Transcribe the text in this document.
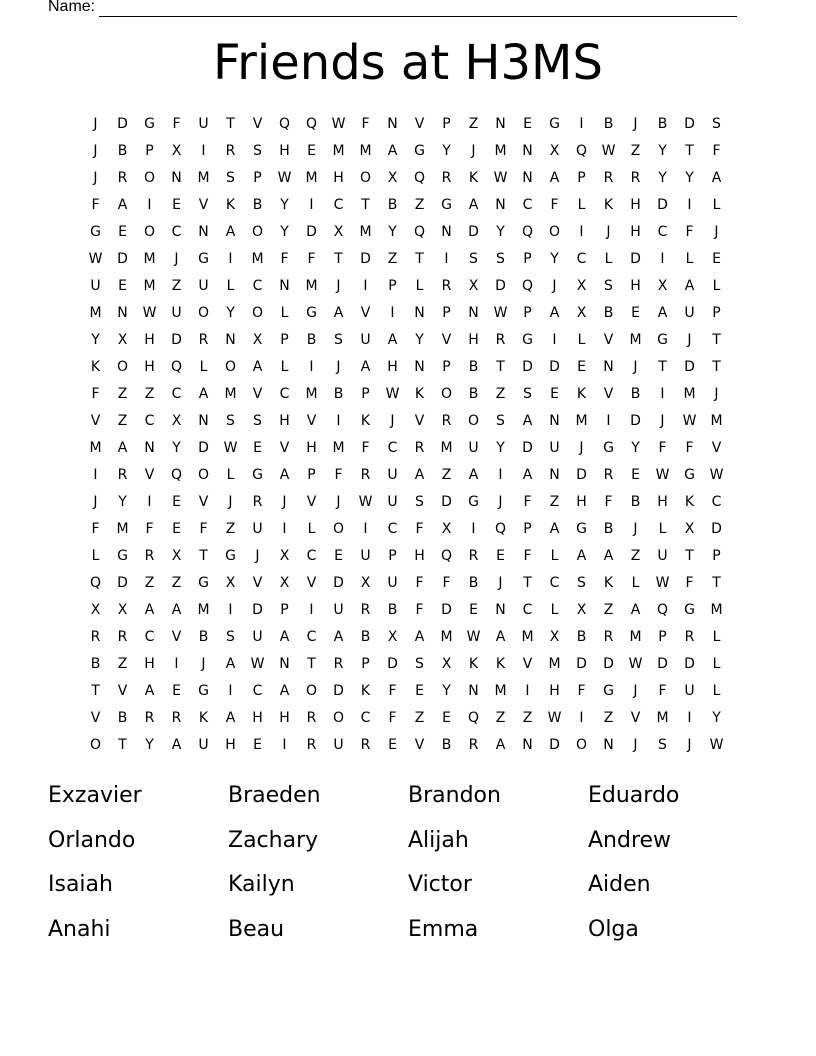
Name:
Friends at H3MS
J	D	G	F	U	T	V	Q	Q	W	F	N	V	P	Z	N	E	G	I	B	J	B	D	S
J	B	P	X	I	R	S	H	E	M	M	A	G	Y	J	M	N	X	Q	W	Z	Y	T	F
J	R	O	N	M	S	P	W	M	H	O	X	Q	R	K	W	N	A	P	R	R	Y	Y	A
F	A	I	E	V	K	B	Y	I	C	T	B	Z	G	A	N	C	F	L	K	H	D	I	L
G	E	O	C	N	A	O	Y	D	X	M	Y	Q	N	D	Y	Q	O	I	J	H	C	F	J
W	D	M	J	G	I	M	F	F	T	D	Z	T	I	S	S	P	Y	C	L	D	I	L	E
U	E	M	Z	U	L	C	N	M	J	I	P	L	R	X	D	Q	J	X	S	H	X	A	L
M	N	W	U	O	Y	O	L	G	A	V	I	N	P	N	W	P	A	X	B	E	A	U	P
Y	X	H	D	R	N	X	P	B	S	U	A	Y	V	H	R	G	I	L	V	M	G	J	T
K	O	H	Q	L	O	A	L	I	J	A	H	N	P	B	T	D	D	E	N	J	T	D	T
F	Z	Z	C	A	M	V	C	M	B	P	W	K	O	B	Z	S	E	K	V	B	I	M	J
V	Z	C	X	N	S	S	H	V	I	K	J	V	R	O	S	A	N	M	I	D	J	W	M
M	A	N	Y	D	W	E	V	H	M	F	C	R	M	U	Y	D	U	J	G	Y	F	F	V
I	R	V	Q	O	L	G	A	P	F	R	U	A	Z	A	I	A	N	D	R	E	W	G	W
J	Y	I	E	V	J	R	J	V	J	W	U	S	D	G	J	F	Z	H	F	B	H	K	C
F	M	F	E	F	Z	U	I	L	O	I	C	F	X	I	Q	P	A	G	B	J	L	X	D
L	G	R	X	T	G	J	X	C	E	U	P	H	Q	R	E	F	L	A	A	Z	U	T	P
Q	D	Z	Z	G	X	V	X	V	D	X	U	F	F	B	J	T	C	S	K	L	W	F	T
X	X	A	A	M	I	D	P	I	U	R	B	F	D	E	N	C	L	X	Z	A	Q	G	M
R	R	C	V	B	S	U	A	C	A	B	X	A	M	W	A	M	X	B	R	M	P	R	L
B	Z	H	I	J	A	W	N	T	R	P	D	S	X	K	K	V	M	D	D	W	D	D	L
T	V	A	E	G	I	C	A	O	D	K	F	E	Y	N	M	I	H	F	G	J	F	U	L
V	B	R	R	K	A	H	H	R	O	C	F	Z	E	Q	Z	Z	W	I	Z	V	M	I	Y
O	T	Y	A	U	H	E	I	R	U	R	E	V	B	R	A	N	D	O	N	J	S	J	W
Exzavier	Braeden	Brandon	Eduardo
Orlando	Zachary	Alijah	Andrew
Isaiah	Kailyn	Victor	Aiden
Anahi	Beau	Emma	Olga
